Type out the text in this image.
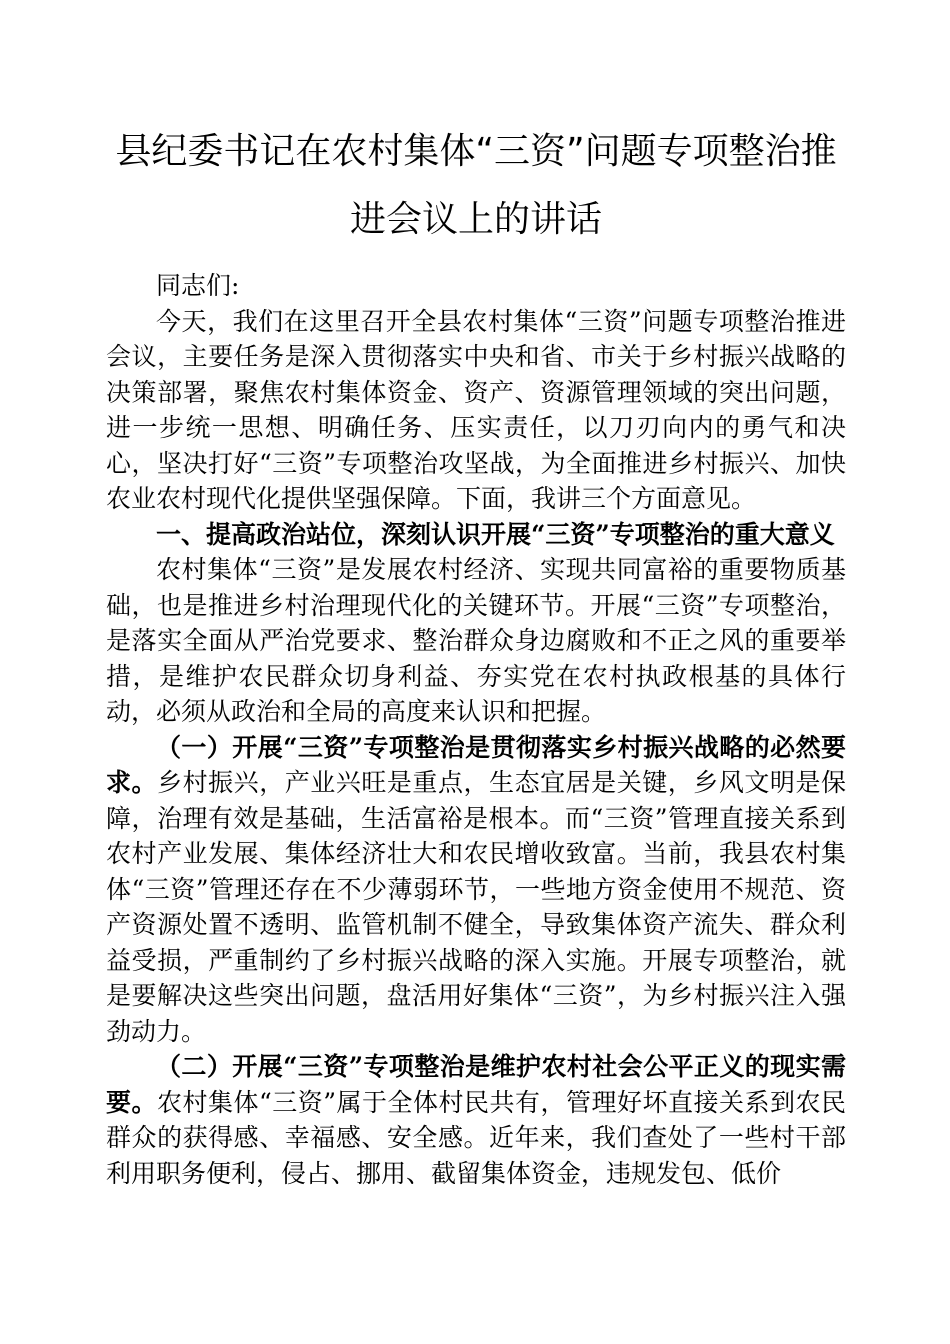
县纪委书记在农村集体“三资”问题专项整治推
进会议上的讲话

同志们:

今天，我们在这里召开全县农村集体“三资”问题专项整治推进会议，主要任务是深入贯彻落实中央和省、市关于乡村振兴战略的决策部署，聚焦农村集体资金、资产、资源管理领域的突出问题，进一步统一思想、明确任务、压实责任，以刀刃向内的勇气和决心，坚决打好“三资”专项整治攻坚战，为全面推进乡村振兴、加快农业农村现代化提供坚强保障。下面，我讲三个方面意见。

一、提高政治站位，深刻认识开展“三资”专项整治的重大意义

农村集体“三资”是发展农村经济、实现共同富裕的重要物质基础，也是推进乡村治理现代化的关键环节。开展“三资”专项整治，是落实全面从严治党要求、整治群众身边腐败和不正之风的重要举措，是维护农民群众切身利益、夯实党在农村执政根基的具体行动，必须从政治和全局的高度来认识和把握。

（一）开展“三资”专项整治是贯彻落实乡村振兴战略的必然要求。乡村振兴，产业兴旺是重点，生态宜居是关键，乡风文明是保障，治理有效是基础，生活富裕是根本。而“三资”管理直接关系到农村产业发展、集体经济壮大和农民增收致富。当前，我县农村集体“三资”管理还存在不少薄弱环节，一些地方资金使用不规范、资产资源处置不透明、监管机制不健全，导致集体资产流失、群众利益受损，严重制约了乡村振兴战略的深入实施。开展专项整治，就是要解决这些突出问题，盘活用好集体“三资”，为乡村振兴注入强劲动力。

（二）开展“三资”专项整治是维护农村社会公平正义的现实需要。农村集体“三资”属于全体村民共有，管理好坏直接关系到农民群众的获得感、幸福感、安全感。近年来，我们查处了一些村干部利用职务便利，侵占、挪用、截留集体资金，违规发包、低价
